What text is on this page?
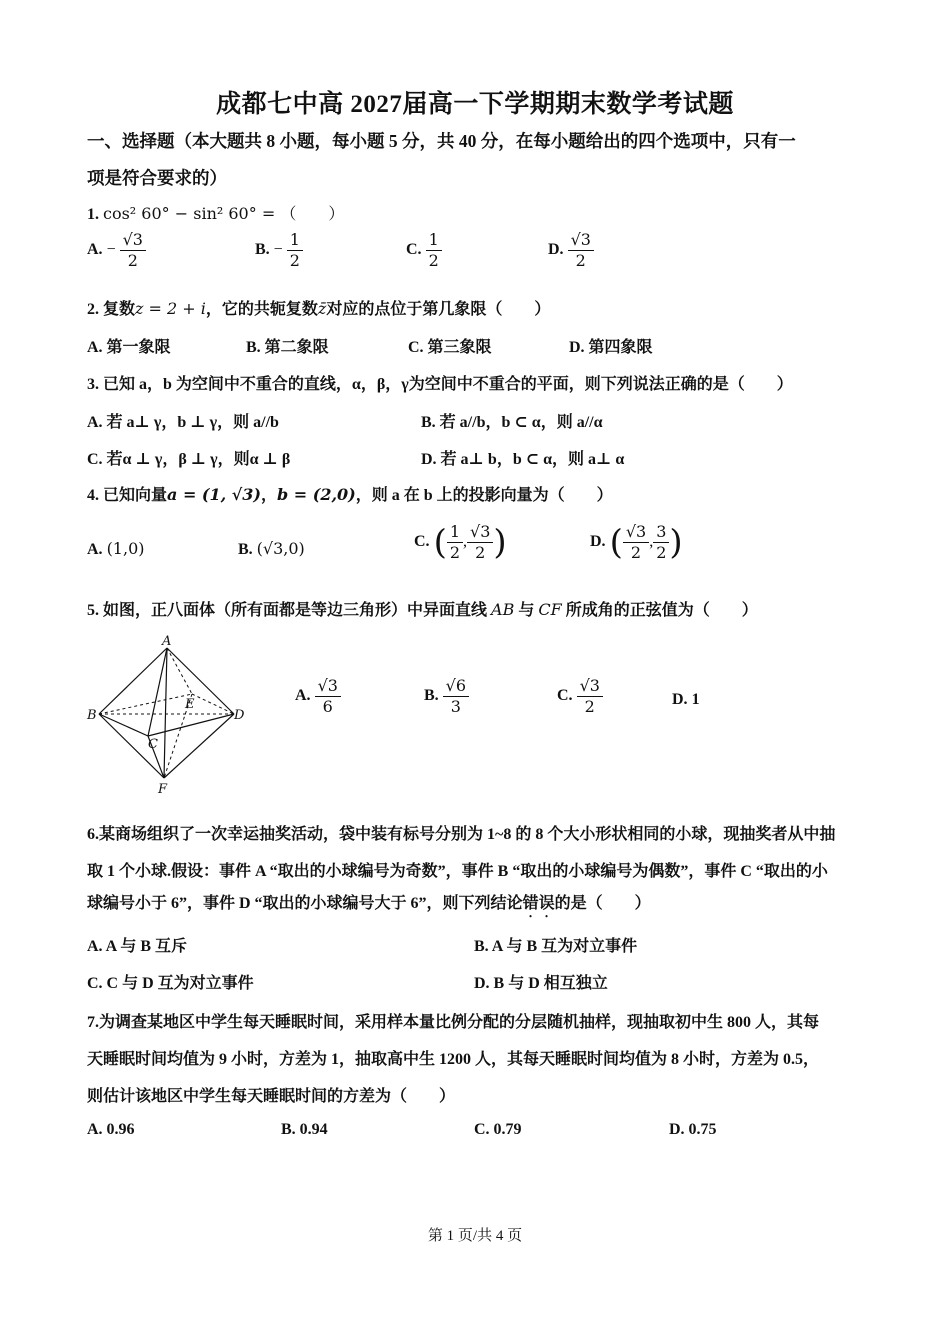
成都七中高 2027届高一下学期期末数学考试题
一、选择题（本大题共 8 小题，每小题 5 分，共 40 分，在每小题给出的四个选项中，只有一
项是符合要求的）
1. cos² 60° − sin² 60° = （　　）
A. − $\frac{√3}{2}$	B. − $\frac{1}{2}$	C. $\frac{1}{2}$	D. $\frac{√3}{2}$
2. 复数z = 2 + i，它的共轭复数z̄对应的点位于第几象限（　　）
A. 第一象限	B. 第二象限	C. 第三象限	D. 第四象限
3. 已知 a，b 为空间中不重合的直线，α，β，γ为空间中不重合的平面，则下列说法正确的是（　　）
A. 若 a⊥ γ，b ⊥ γ，则 a//b	B. 若 a//b，b ⊂ α，则 a//α
C. 若α ⊥ γ，β ⊥ γ，则α ⊥ β	D. 若 a⊥ b，b ⊂ α，则 a⊥ α
4. 已知向量a = (1, √3)，b = (2,0)，则 a 在 b 上的投影向量为（　　）
A. (1,0)	B. (√3,0)	C. ( $\frac{1}{2}$ , $\frac{√3}{2}$ )	D. ( $\frac{√3}{2}$ , $\frac{3}{2}$ )
5. 如图，正八面体（所有面都是等边三角形）中异面直线 AB 与 CF 所成角的正弦值为（　　）
A
B
C
D
E
F
A. $\frac{√3}{6}$	B. $\frac{√6}{3}$	C. $\frac{√3}{2}$	D. 1
6.某商场组织了一次幸运抽奖活动，袋中装有标号分别为 1~8 的 8 个大小形状相同的小球，现抽奖者从中抽
取 1 个小球.假设：事件 A “取出的小球编号为奇数”，事件 B “取出的小球编号为偶数”，事件 C “取出的小
球编号小于 6”，事件 D “取出的小球编号大于 6”，则下列结论错误的是（　　）
A. A 与 B 互斥	B. A 与 B 互为对立事件
C. C 与 D 互为对立事件	D. B 与 D 相互独立
7.为调查某地区中学生每天睡眠时间，采用样本量比例分配的分层随机抽样，现抽取初中生 800 人，其每
天睡眠时间均值为 9 小时，方差为 1，抽取高中生 1200 人，其每天睡眠时间均值为 8 小时，方差为 0.5，
则估计该地区中学生每天睡眠时间的方差为（　　）
A. 0.96	B. 0.94	C. 0.79	D. 0.75
第 1 页/共 4 页
